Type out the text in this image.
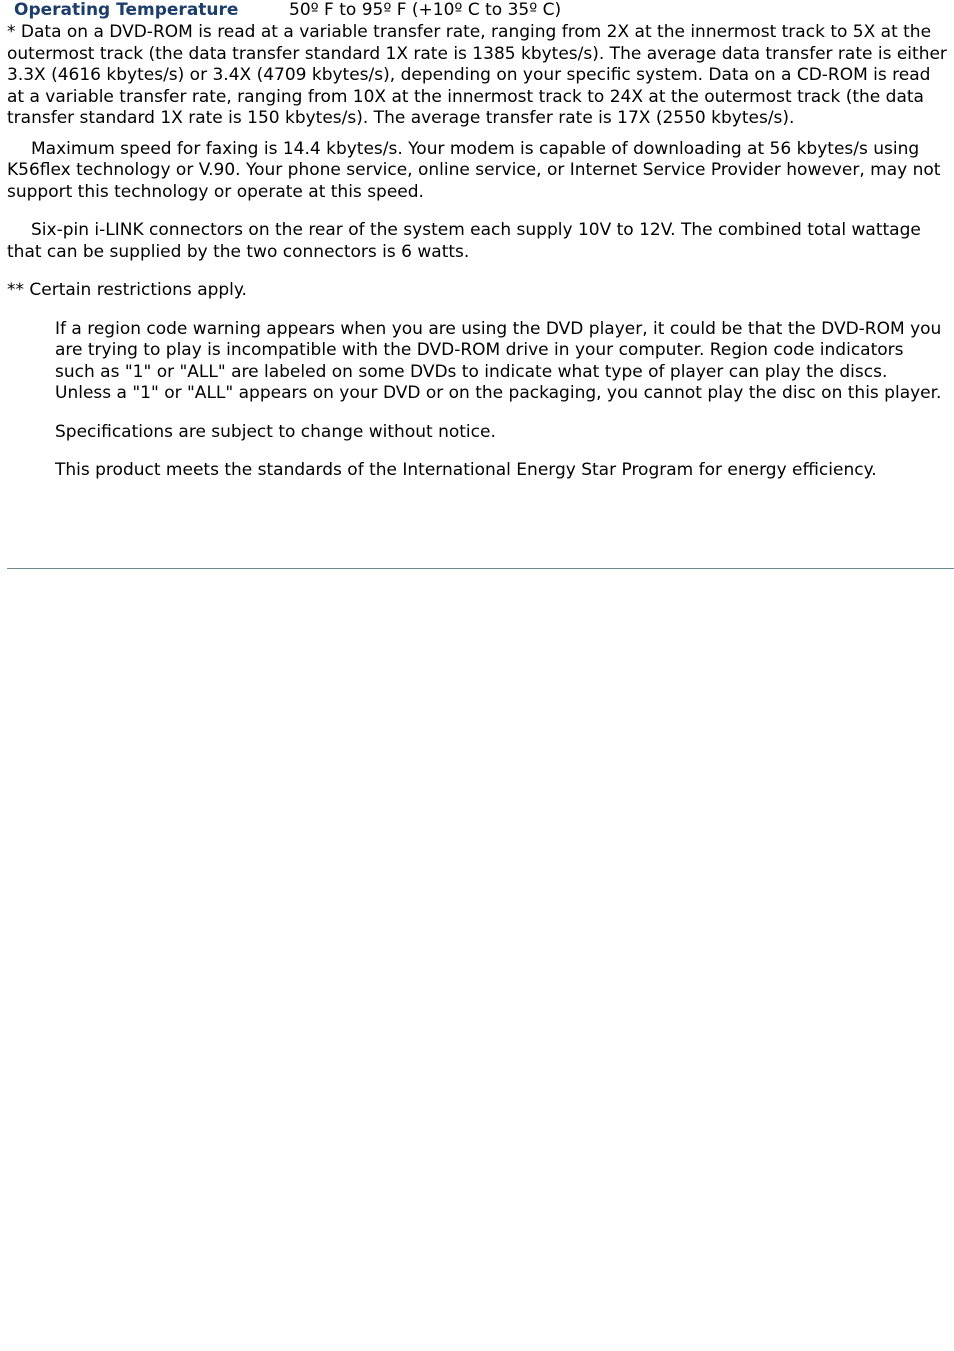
Operating Temperature	50º F to 95º F (+10º C to 35º C)

* Data on a DVD-ROM is read at a variable transfer rate, ranging from 2X at the innermost track to 5X at the outermost track (the data transfer standard 1X rate is 1385 kbytes/s). The average data transfer rate is either 3.3X (4616 kbytes/s) or 3.4X (4709 kbytes/s), depending on your specific system. Data on a CD-ROM is read at a variable transfer rate, ranging from 10X at the innermost track to 24X at the outermost track (the data transfer standard 1X rate is 150 kbytes/s). The average transfer rate is 17X (2550 kbytes/s).

Maximum speed for faxing is 14.4 kbytes/s. Your modem is capable of downloading at 56 kbytes/s using K56flex technology or V.90. Your phone service, online service, or Internet Service Provider however, may not support this technology or operate at this speed.

Six-pin i-LINK connectors on the rear of the system each supply 10V to 12V. The combined total wattage that can be supplied by the two connectors is 6 watts.

** Certain restrictions apply.

If a region code warning appears when you are using the DVD player, it could be that the DVD-ROM you are trying to play is incompatible with the DVD-ROM drive in your computer. Region code indicators such as "1" or "ALL" are labeled on some DVDs to indicate what type of player can play the discs. Unless a "1" or "ALL" appears on your DVD or on the packaging, you cannot play the disc on this player.

Specifications are subject to change without notice.

This product meets the standards of the International Energy Star Program for energy efficiency.
